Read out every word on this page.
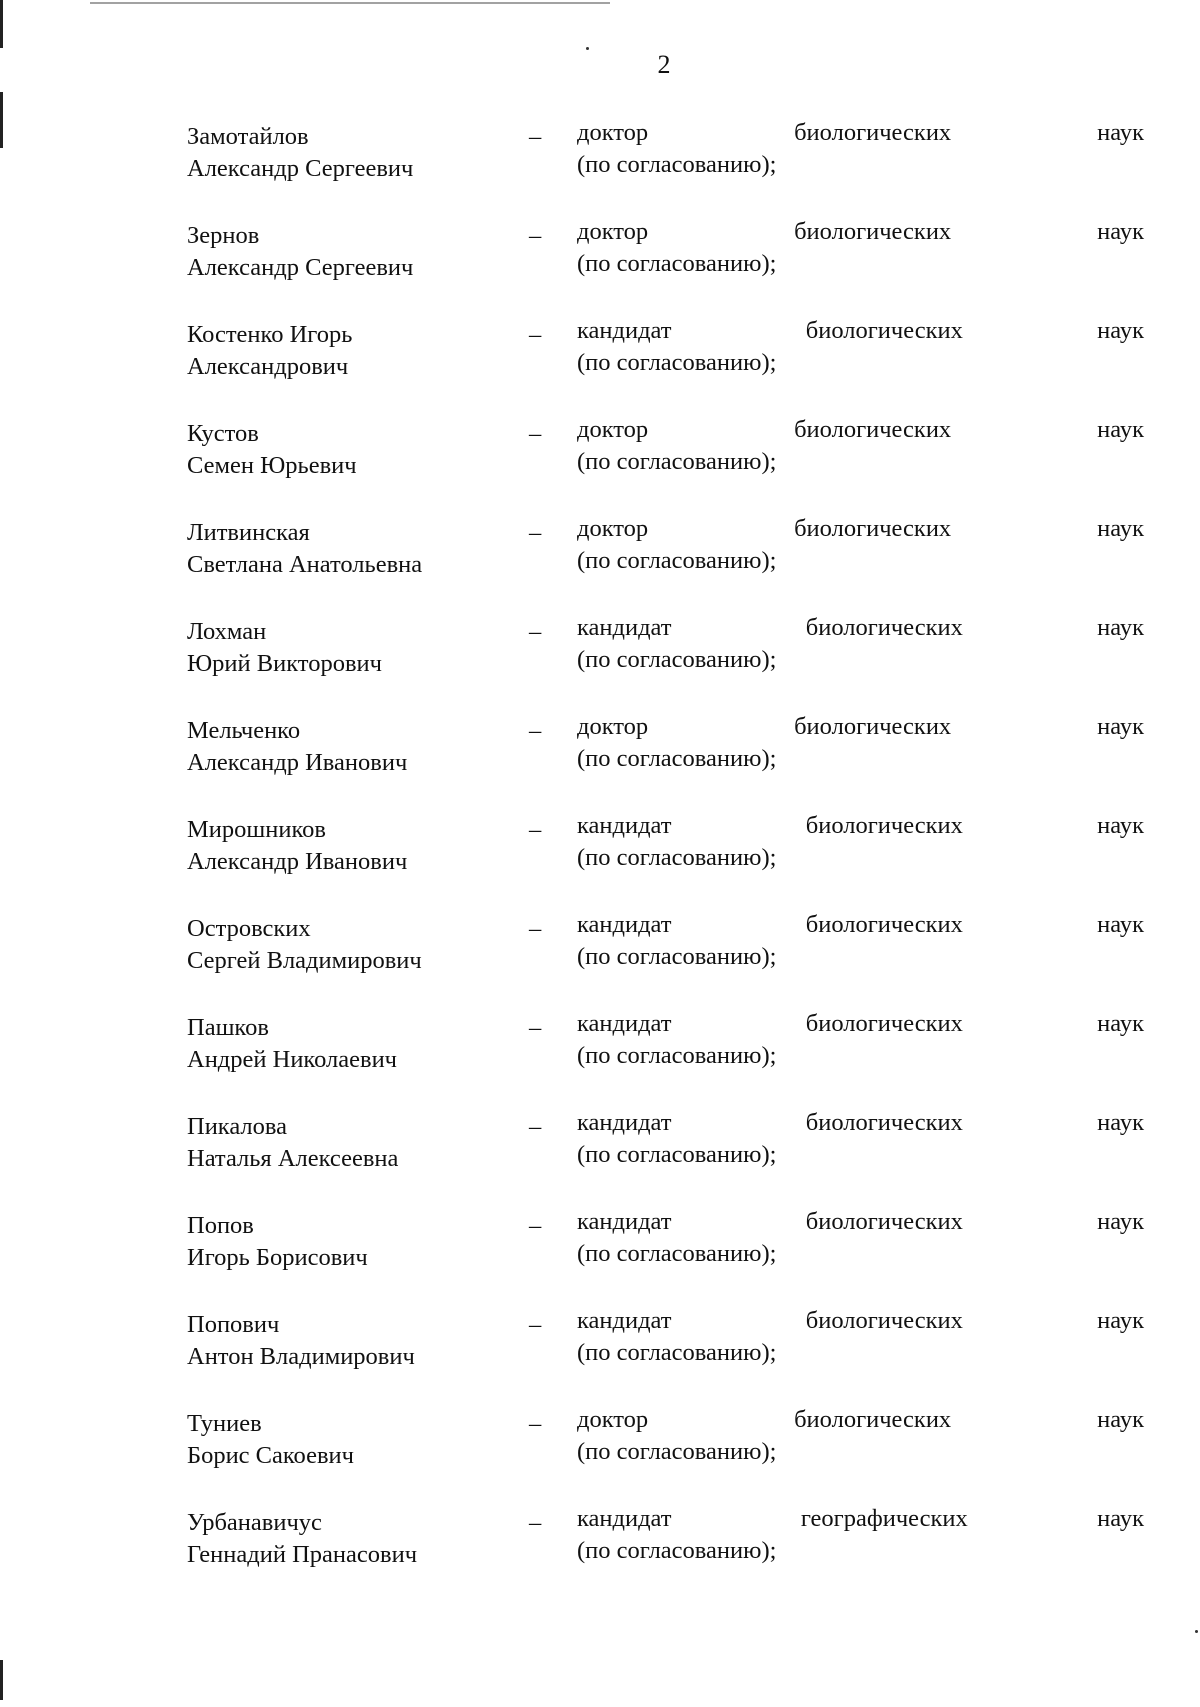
2
Замотайлов
Александр Сергеевич
– доктор	биологических	наук
(по согласованию);
Зернов
Александр Сергеевич
– доктор	биологических	наук
(по согласованию);
Костенко Игорь
Александрович
– кандидат	биологических	наук
(по согласованию);
Кустов
Семен Юрьевич
– доктор	биологических	наук
(по согласованию);
Литвинская
Светлана Анатольевна
– доктор	биологических	наук
(по согласованию);
Лохман
Юрий Викторович
– кандидат	биологических	наук
(по согласованию);
Мельченко
Александр Иванович
– доктор	биологических	наук
(по согласованию);
Мирошников
Александр Иванович
– кандидат	биологических	наук
(по согласованию);
Островских
Сергей Владимирович
– кандидат	биологических	наук
(по согласованию);
Пашков
Андрей Николаевич
– кандидат	биологических	наук
(по согласованию);
Пикалова
Наталья Алексеевна
– кандидат	биологических	наук
(по согласованию);
Попов
Игорь Борисович
– кандидат	биологических	наук
(по согласованию);
Попович
Антон Владимирович
– кандидат	биологических	наук
(по согласованию);
Туниев
Борис Сакоевич
– доктор	биологических	наук
(по согласованию);
Урбанавичус
Геннадий Пранасович
– кандидат	географических	наук
(по согласованию);
